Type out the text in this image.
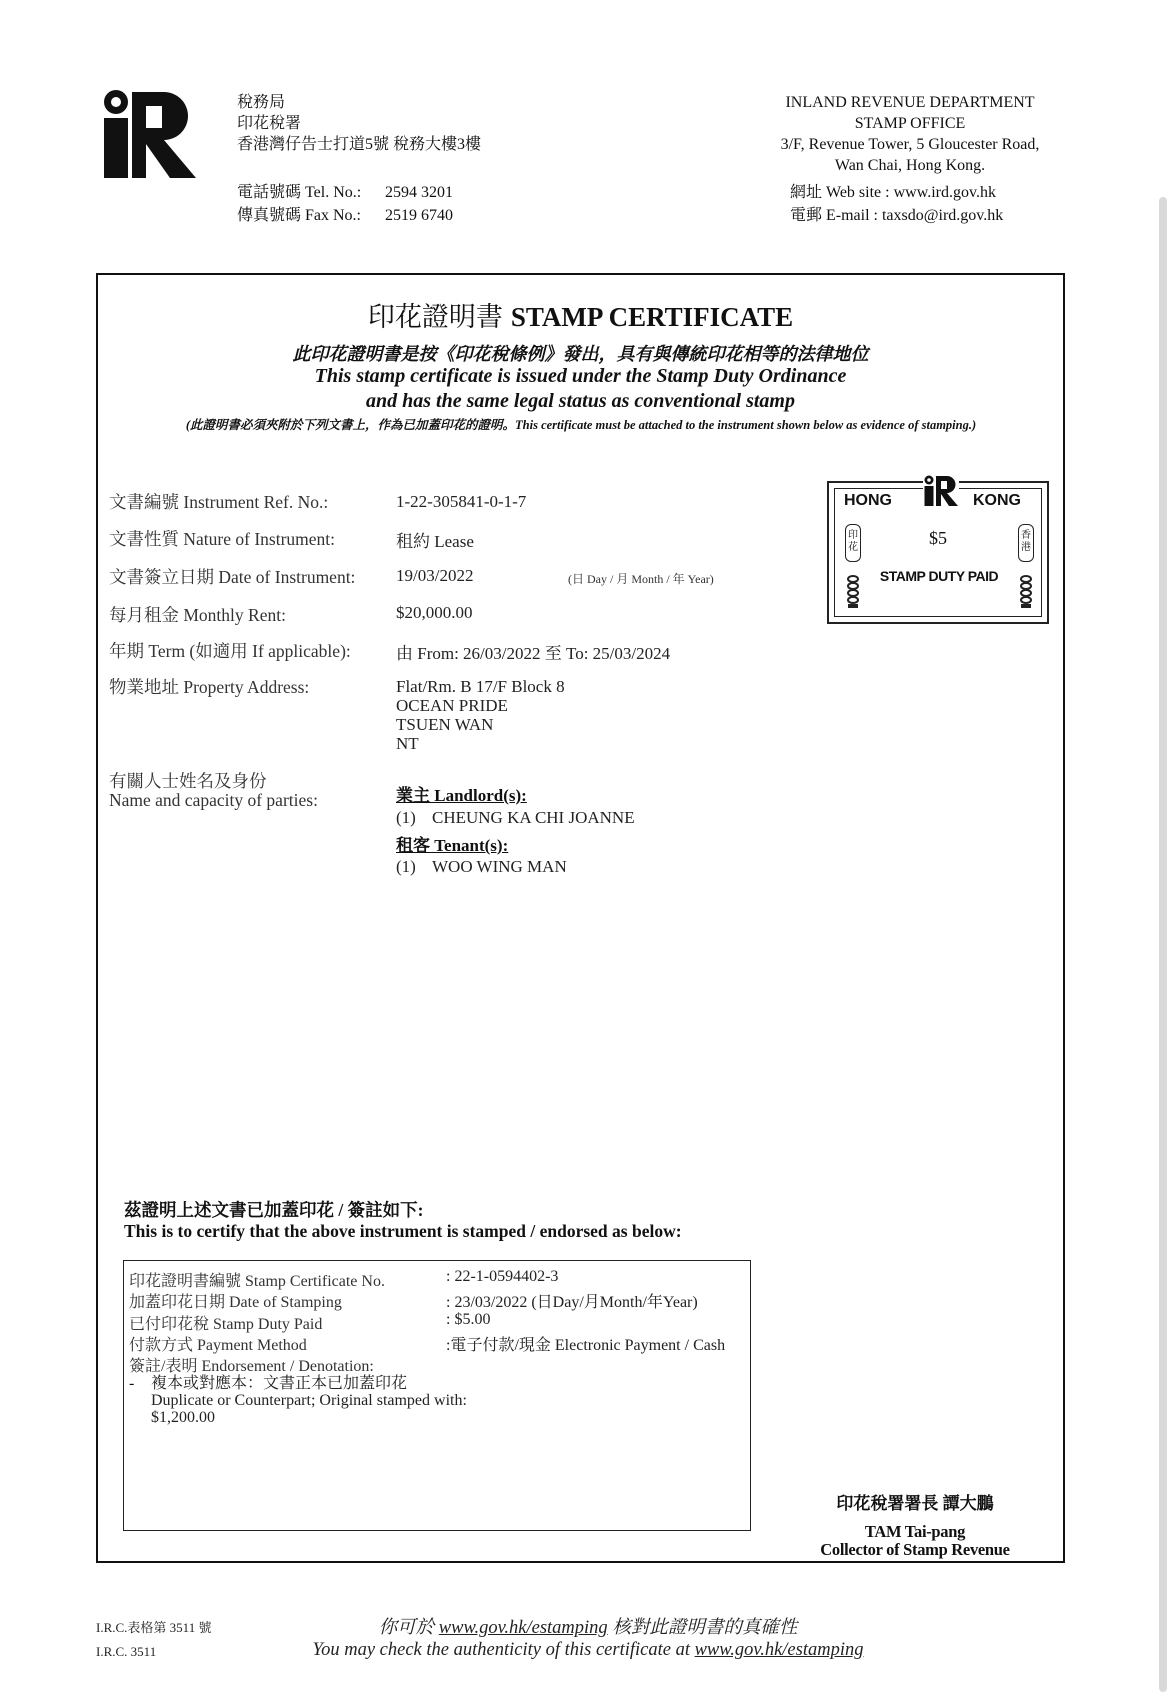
稅務局
印花稅署
香港灣仔告士打道5號 稅務大樓3樓
電話號碼 Tel. No.: 2594 3201
傳真號碼 Fax No.: 2519 6740
INLAND REVENUE DEPARTMENT
STAMP OFFICE
3/F, Revenue Tower, 5 Gloucester Road,
Wan Chai, Hong Kong.
網址 Web site : www.ird.gov.hk
電郵 E-mail : taxsdo@ird.gov.hk
印花證明書 STAMP CERTIFICATE
此印花證明書是按《印花稅條例》發出，具有與傳統印花相等的法律地位
This stamp certificate is issued under the Stamp Duty Ordinance
and has the same legal status as conventional stamp
(此證明書必須夾附於下列文書上，作為已加蓋印花的證明。This certificate must be attached to the instrument shown below as evidence of stamping.)
文書編號 Instrument Ref. No.:	1-22-305841-0-1-7
文書性質 Nature of Instrument:	租約 Lease
文書簽立日期 Date of Instrument: 19/03/2022	(日 Day / 月 Month / 年 Year)
每月租金 Monthly Rent:	$20,000.00
年期 Term (如適用 If applicable):	由 From: 26/03/2022 至 To: 25/03/2024
物業地址 Property Address:	Flat/Rm. B 17/F Block 8
OCEAN PRIDE
TSUEN WAN
NT
有關人士姓名及身份
Name and capacity of parties:	業主 Landlord(s):
(1) CHEUNG KA CHI JOANNE
租客 Tenant(s):
(1) WOO WING MAN
HONG	KONG
$5
STAMP DUTY PAID
印花
香港
茲證明上述文書已加蓋印花 / 簽註如下:
This is to certify that the above instrument is stamped / endorsed as below:
印花證明書編號 Stamp Certificate No.	: 22-1-0594402-3
加蓋印花日期 Date of Stamping	: 23/03/2022 (日Day/月Month/年Year)
已付印花稅 Stamp Duty Paid	: $5.00
付款方式 Payment Method	:電子付款/現金 Electronic Payment / Cash
簽註/表明 Endorsement / Denotation:
- 複本或對應本：文書正本已加蓋印花
Duplicate or Counterpart; Original stamped with:
$1,200.00
印花稅署署長 譚大鵬
TAM Tai-pang
Collector of Stamp Revenue
I.R.C.表格第 3511 號
I.R.C. 3511
你可於 www.gov.hk/estamping 核對此證明書的真確性
You may check the authenticity of this certificate at www.gov.hk/estamping
